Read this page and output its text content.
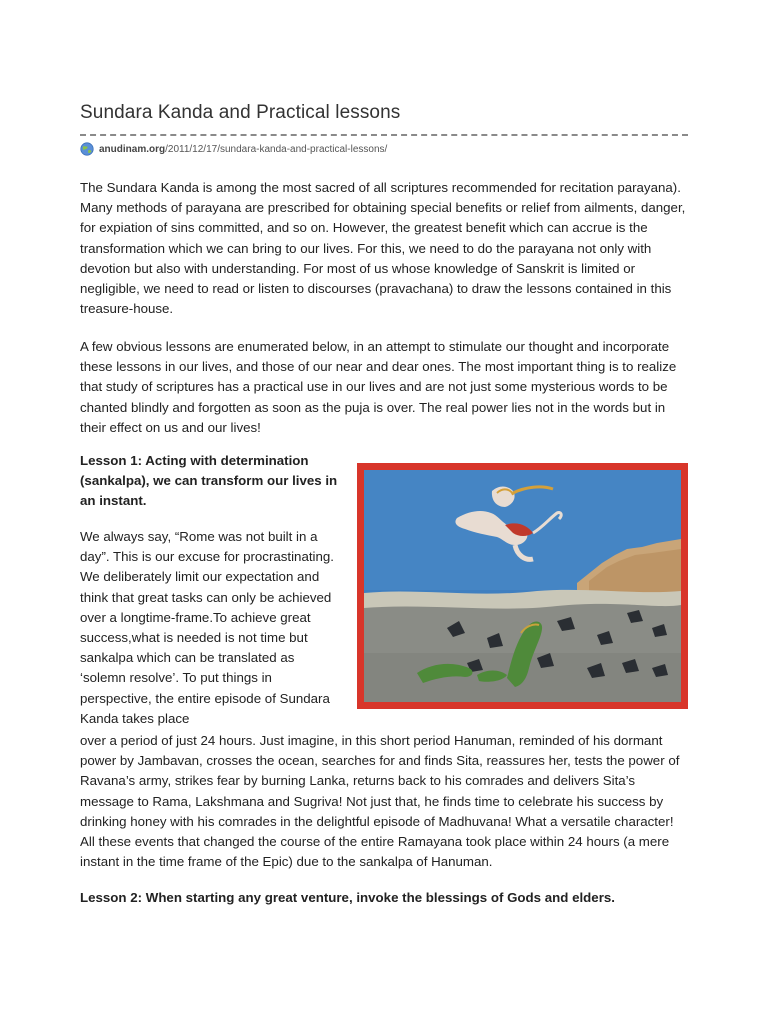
Sundara Kanda and Practical lessons
anudinam.org /2011/12/17/sundara-kanda-and-practical-lessons/

The Sundara Kanda is among the most sacred of all scriptures recommended for recitation parayana). Many methods of parayana are prescribed for obtaining special benefits or relief from ailments, danger, for expiation of sins committed, and so on. However, the greatest benefit which can accrue is the transformation which we can bring to our lives. For this, we need to do the parayana not only with devotion but also with understanding. For most of us whose knowledge of Sanskrit is limited or negligible, we need to read or listen to discourses (pravachana) to draw the lessons contained in this treasure-house.

A few obvious lessons are enumerated below, in an attempt to stimulate our thought and incorporate these lessons in our lives, and those of our near and dear ones. The most important thing is to realize that study of scriptures has a practical use in our lives and are not just some mysterious words to be chanted blindly and forgotten as soon as the puja is over. The real power lies not in the words but in their effect on us and our lives!

Lesson 1: Acting with determination (sankalpa), we can transform our lives in an instant.

We always say, “Rome was not built in a day”. This is our excuse for procrastinating. We deliberately limit our expectation and think that great tasks can only be achieved over a longtime-frame.To achieve great success,what is needed is not time but sankalpa which can be translated as ‘solemn resolve’. To put things in perspective, the entire episode of Sundara Kanda takes place

over a period of just 24 hours. Just imagine, in this short period Hanuman, reminded of his dormant power by Jambavan, crosses the ocean, searches for and finds Sita, reassures her, tests the power of Ravana’s army, strikes fear by burning Lanka, returns back to his comrades and delivers Sita’s message to Rama, Lakshmana and Sugriva! Not just that, he finds time to celebrate his success by drinking honey with his comrades in the delightful episode of Madhuvana! What a versatile character! All these events that changed the course of the entire Ramayana took place within 24 hours (a mere instant in the time frame of the Epic) due to the sankalpa of Hanuman.

Lesson 2: When starting any great venture, invoke the blessings of Gods and elders.
